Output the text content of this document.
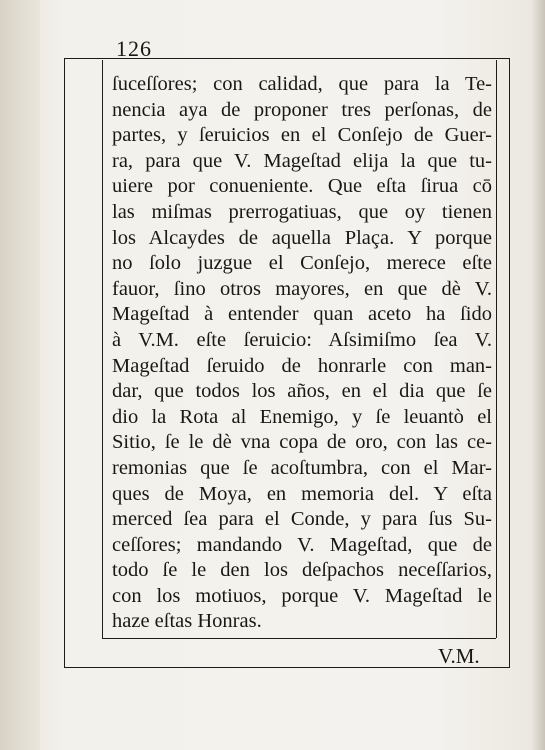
126
ſuceſſores; con calidad, que para la Te-
nencia aya de proponer tres perſonas, de
partes, y ſeruicios en el Conſejo de Guer-
ra, para que V. Mageſtad elija la que tu-
uiere por conueniente. Que eſta ſirua cō
las miſmas prerrogatiuas, que oy tienen
los Alcaydes de aquella Plaça. Y porque
no ſolo juzgue el Conſejo, merece eſte
fauor, ſino otros mayores, en que dè V.
Mageſtad à entender quan aceto ha ſido
à V.M. eſte ſeruicio: Aſsimiſmo ſea V.
Mageſtad ſeruido de honrarle con man-
dar, que todos los años, en el dia que ſe
dio la Rota al Enemigo, y ſe leuantò el
Sitio, ſe le dè vna copa de oro, con las ce-
remonias que ſe acoſtumbra, con el Mar-
ques de Moya, en memoria del. Y eſta
merced ſea para el Conde, y para ſus Su-
ceſſores; mandando V. Mageſtad, que de
todo ſe le den los deſpachos neceſſarios,
con los motiuos, porque V. Mageſtad le
haze eſtas Honras.
V.M.
